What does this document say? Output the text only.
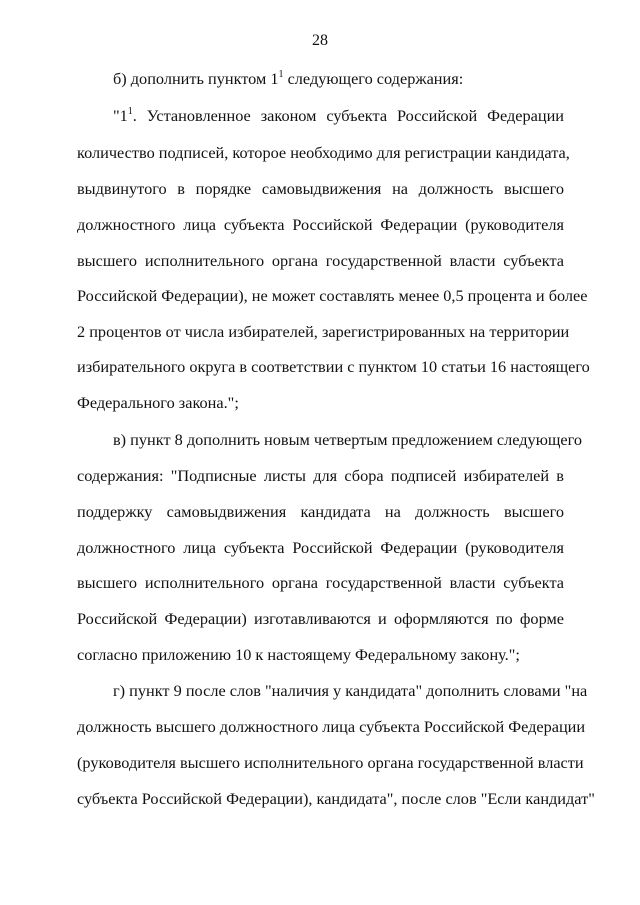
28
б) дополнить пунктом $1^1$ следующего содержания:
"$1^1$. Установленное законом субъекта Российской Федерации
количество подписей, которое необходимо для регистрации кандидата,
выдвинутого в порядке самовыдвижения на должность высшего
должностного лица субъекта Российской Федерации (руководителя
высшего исполнительного органа государственной власти субъекта
Российской Федерации), не может составлять менее 0,5 процента и более
2 процентов от числа избирателей, зарегистрированных на территории
избирательного округа в соответствии с пунктом 10 статьи 16 настоящего
Федерального закона.";
в) пункт 8 дополнить новым четвертым предложением следующего
содержания: "Подписные листы для сбора подписей избирателей в
поддержку самовыдвижения кандидата на должность высшего
должностного лица субъекта Российской Федерации (руководителя
высшего исполнительного органа государственной власти субъекта
Российской Федерации) изготавливаются и оформляются по форме
согласно приложению 10 к настоящему Федеральному закону.";
г) пункт 9 после слов "наличия у кандидата" дополнить словами "на
должность высшего должностного лица субъекта Российской Федерации
(руководителя высшего исполнительного органа государственной власти
субъекта Российской Федерации), кандидата", после слов "Если кандидат"
